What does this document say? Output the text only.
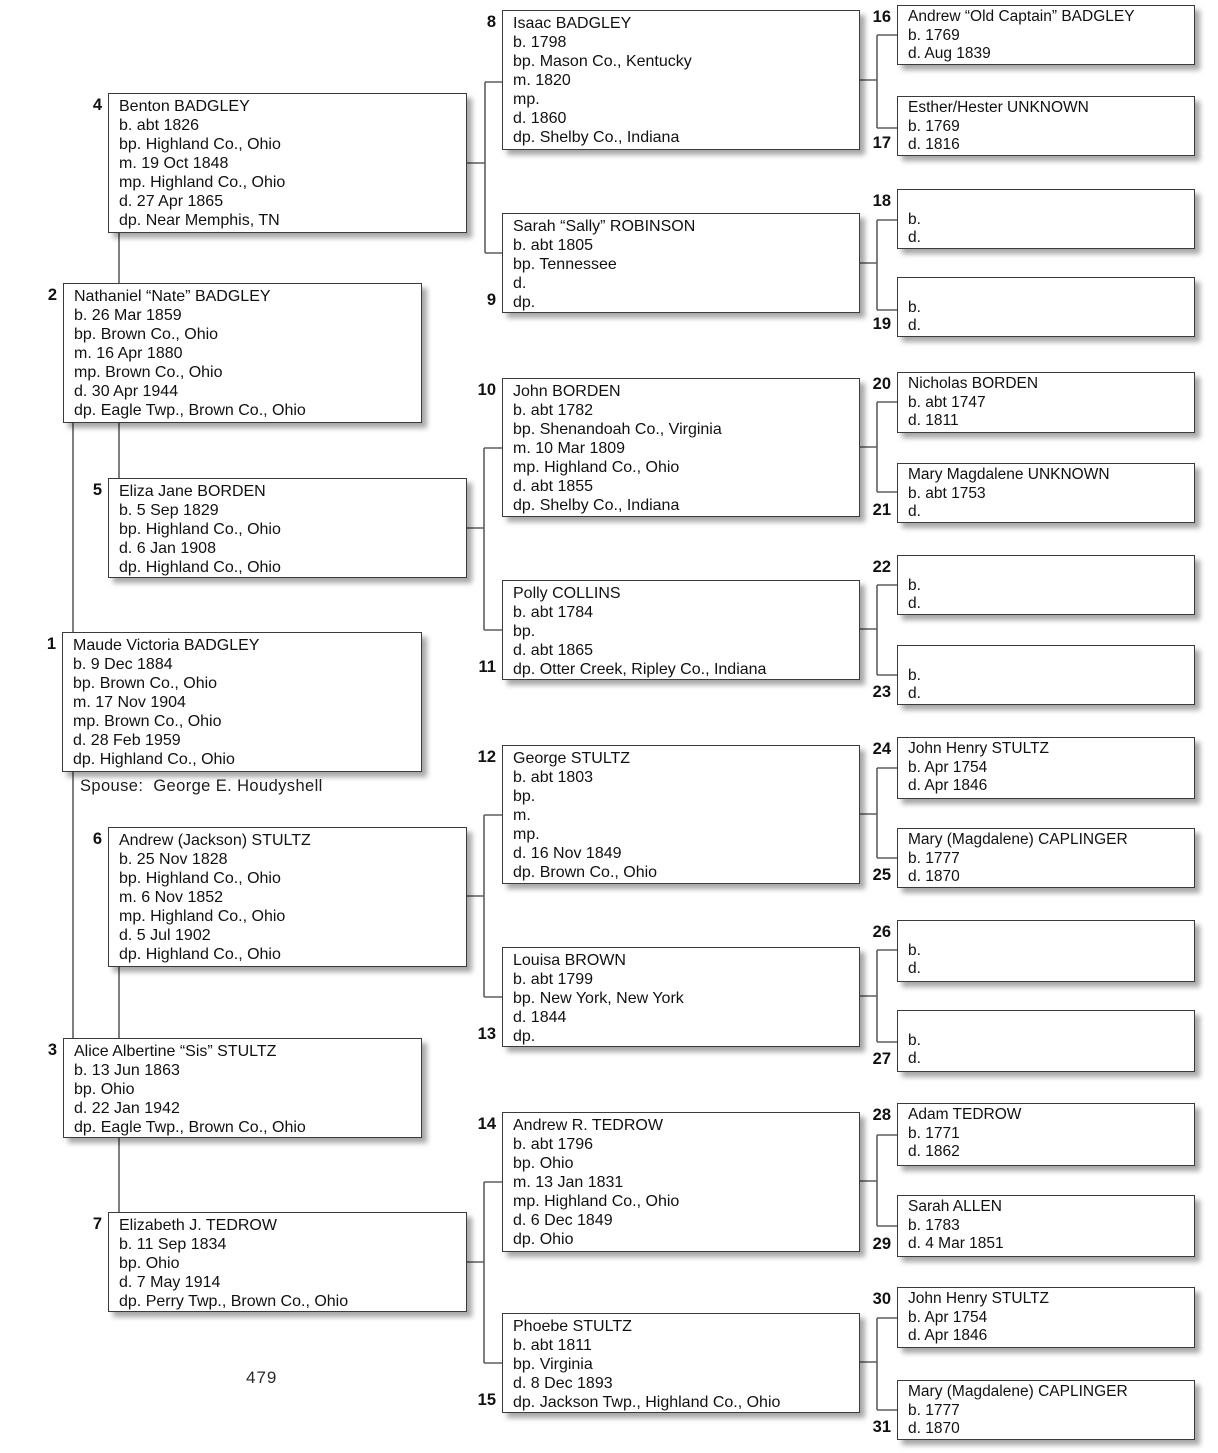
Maude Victoria BADGLEY
b. 9 Dec 1884
bp. Brown Co., Ohio
m. 17 Nov 1904
mp. Brown Co., Ohio
d. 28 Feb 1959
dp. Highland Co., Ohio
1
Nathaniel “Nate” BADGLEY
b. 26 Mar 1859
bp. Brown Co., Ohio
m. 16 Apr 1880
mp. Brown Co., Ohio
d. 30 Apr 1944
dp. Eagle Twp., Brown Co., Ohio
2
Alice Albertine “Sis” STULTZ
b. 13 Jun 1863
bp. Ohio
d. 22 Jan 1942
dp. Eagle Twp., Brown Co., Ohio
3
Benton BADGLEY
b. abt 1826
bp. Highland Co., Ohio
m. 19 Oct 1848
mp. Highland Co., Ohio
d. 27 Apr 1865
dp. Near Memphis, TN
4
Eliza Jane BORDEN
b. 5 Sep 1829
bp. Highland Co., Ohio
d. 6 Jan 1908
dp. Highland Co., Ohio
5
Andrew (Jackson) STULTZ
b. 25 Nov 1828
bp. Highland Co., Ohio
m. 6 Nov 1852
mp. Highland Co., Ohio
d. 5 Jul 1902
dp. Highland Co., Ohio
6
Elizabeth J. TEDROW
b. 11 Sep 1834
bp. Ohio
d. 7 May 1914
dp. Perry Twp., Brown Co., Ohio
7
Isaac BADGLEY
b. 1798
bp. Mason Co., Kentucky
m. 1820
mp.
d. 1860
dp. Shelby Co., Indiana
8
Sarah “Sally” ROBINSON
b. abt 1805
bp. Tennessee
d.
dp.
9
John BORDEN
b. abt 1782
bp. Shenandoah Co., Virginia
m. 10 Mar 1809
mp. Highland Co., Ohio
d. abt 1855
dp. Shelby Co., Indiana
10
Polly COLLINS
b. abt 1784
bp.
d. abt 1865
dp. Otter Creek, Ripley Co., Indiana
11
George STULTZ
b. abt 1803
bp.
m.
mp.
d. 16 Nov 1849
dp. Brown Co., Ohio
12
Louisa BROWN
b. abt 1799
bp. New York, New York
d. 1844
dp.
13
Andrew R. TEDROW
b. abt 1796
bp. Ohio
m. 13 Jan 1831
mp. Highland Co., Ohio
d. 6 Dec 1849
dp. Ohio
14
Phoebe STULTZ
b. abt 1811
bp. Virginia
d. 8 Dec 1893
dp. Jackson Twp., Highland Co., Ohio
15
Andrew “Old Captain” BADGLEY
b. 1769
d. Aug 1839
16
Esther/Hester UNKNOWN
b. 1769
d. 1816
17
b.
d.
18
b.
d.
19
Nicholas BORDEN
b. abt 1747
d. 1811
20
Mary Magdalene UNKNOWN
b. abt 1753
d.
21
b.
d.
22
b.
d.
23
John Henry STULTZ
b. Apr 1754
d. Apr 1846
24
Mary (Magdalene) CAPLINGER
b. 1777
d. 1870
25
b.
d.
26
b.
d.
27
Adam TEDROW
b. 1771
d. 1862
28
Sarah ALLEN
b. 1783
d. 4 Mar 1851
29
John Henry STULTZ
b. Apr 1754
d. Apr 1846
30
Mary (Magdalene) CAPLINGER
b. 1777
d. 1870
31
Spouse:  George E. Houdyshell
479
